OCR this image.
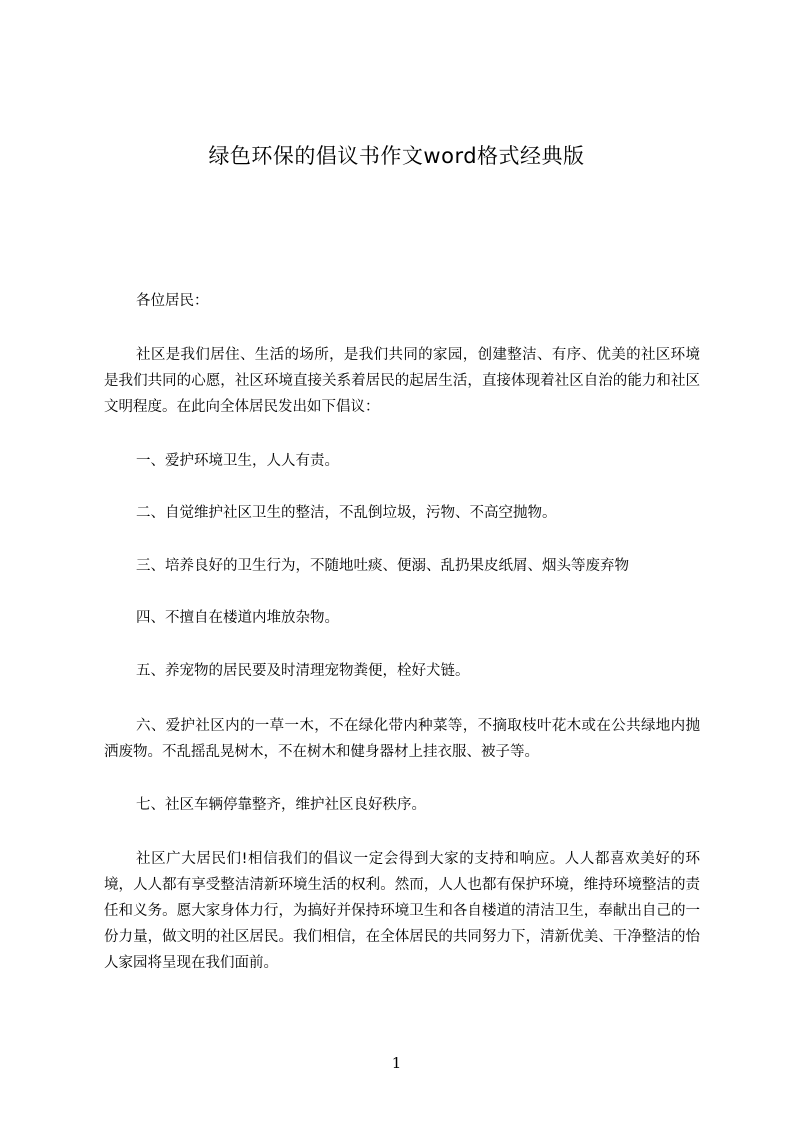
绿色环保的倡议书作文word格式经典版
各位居民：
社区是我们居住、生活的场所，是我们共同的家园，创建整洁、有序、优美的社区环境是我们共同的心愿，社区环境直接关系着居民的起居生活，直接体现着社区自治的能力和社区文明程度。在此向全体居民发出如下倡议：
一、爱护环境卫生，人人有责。
二、自觉维护社区卫生的整洁，不乱倒垃圾，污物、不高空抛物。
三、培养良好的卫生行为，不随地吐痰、便溺、乱扔果皮纸屑、烟头等废弃物
四、不擅自在楼道内堆放杂物。
五、养宠物的居民要及时清理宠物粪便，栓好犬链。
六、爱护社区内的一草一木，不在绿化带内种菜等，不摘取枝叶花木或在公共绿地内抛洒废物。不乱摇乱晃树木，不在树木和健身器材上挂衣服、被子等。
七、社区车辆停靠整齐，维护社区良好秩序。
社区广大居民们!相信我们的倡议一定会得到大家的支持和响应。人人都喜欢美好的环境，人人都有享受整洁清新环境生活的权利。然而，人人也都有保护环境，维持环境整洁的责任和义务。愿大家身体力行，为搞好并保持环境卫生和各自楼道的清洁卫生，奉献出自己的一份力量，做文明的社区居民。我们相信，在全体居民的共同努力下，清新优美、干净整洁的怡人家园将呈现在我们面前。
1
